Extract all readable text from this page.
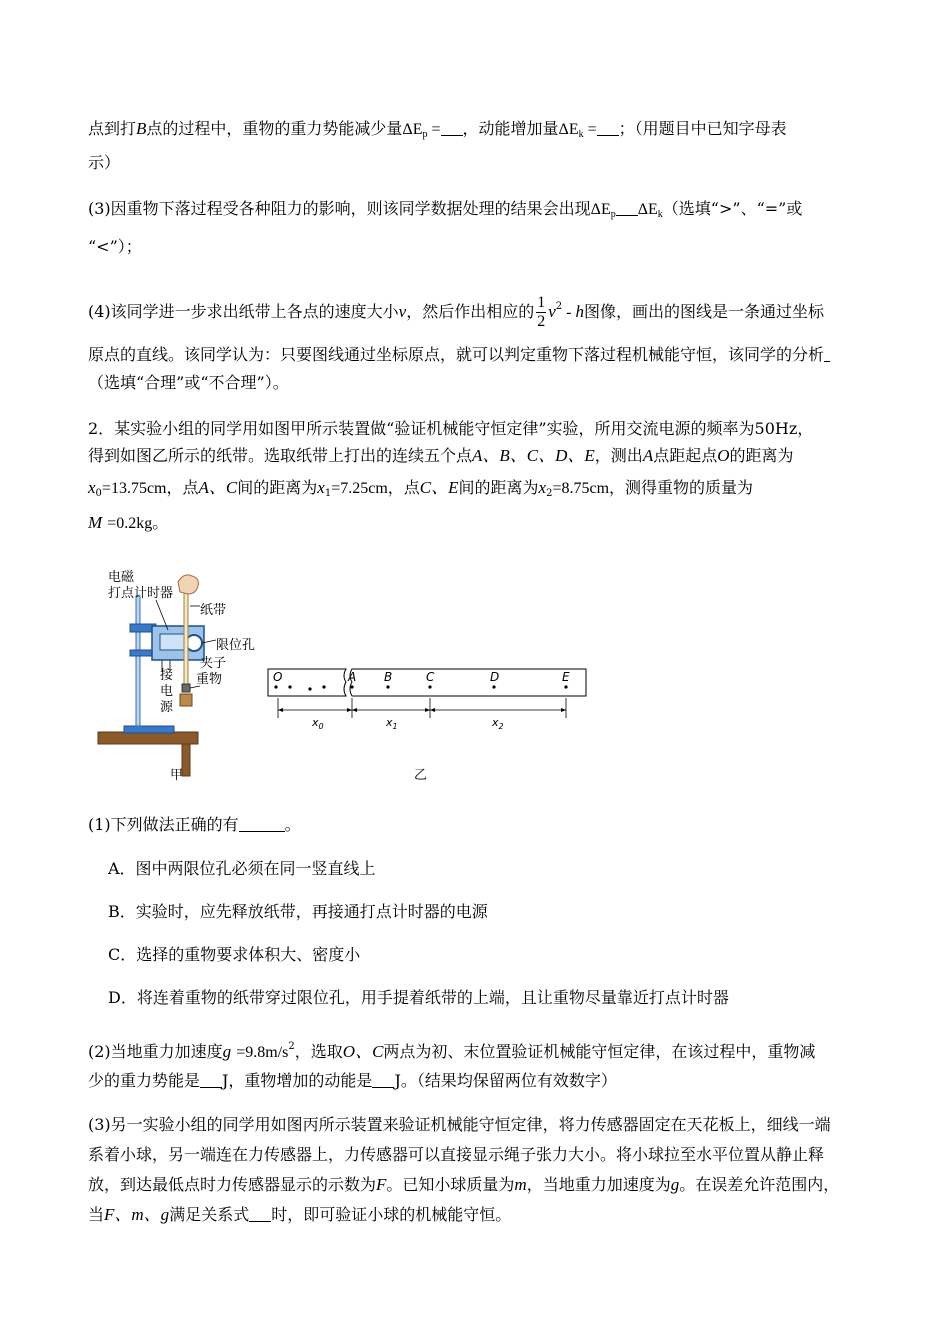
点到打B点的过程中，重物的重力势能减少量$\Delta E_p$ = ，动能增加量$\Delta E_k$ = ；（用题目中已知字母表
示）
(3)因重物下落过程受各种阻力的影响，则该同学数据处理的结果会出现$\Delta E_p$ $\Delta E_k$（选填“>”、“=”或
“<”）；
(4)该同学进一步求出纸带上各点的速度大小v，然后作出相应的 $\frac{1}{2} v^2$ - h图像，画出的图线是一条通过坐标
原点的直线。该同学认为：只要图线通过坐标原点，就可以判定重物下落过程机械能守恒，该同学的分析
（选填“合理”或“不合理”）。
2．某实验小组的同学用如图甲所示装置做“验证机械能守恒定律”实验，所用交流电源的频率为50Hz，
得到如图乙所示的纸带。选取纸带上打出的连续五个点A、B、C、D、E，测出A点距起点O的距离为
$x_0=13.75cm$，点A、C间的距离为$x_1=7.25cm$，点C、E间的距离为$x_2=8.75cm$，测得重物的质量为
M =0.2kg。
电磁
打点计时器
纸带
限位孔
夹子
重物
接
电
源
甲
O	A B	C	D	E
$x_0$	$x_1$	$x_2$
乙
(1)下列做法正确的有	。
A．图中两限位孔必须在同一竖直线上
B．实验时，应先释放纸带，再接通打点计时器的电源
C．选择的重物要求体积大、密度小
D．将连着重物的纸带穿过限位孔，用手提着纸带的上端，且让重物尽量靠近打点计时器
(2)当地重力加速度$g =9.8m/s^2$，选取O、C两点为初、末位置验证机械能守恒定律，在该过程中，重物减
少的重力势能是 J，重物增加的动能是 J。（结果均保留两位有效数字）
(3)另一实验小组的同学用如图丙所示装置来验证机械能守恒定律，将力传感器固定在天花板上，细线一端
系着小球，另一端连在力传感器上，力传感器可以直接显示绳子张力大小。将小球拉至水平位置从静止释
放，到达最低点时力传感器显示的示数为F。已知小球质量为m，当地重力加速度为g。在误差允许范围内，
当F、m、g满足关系式 时，即可验证小球的机械能守恒。
